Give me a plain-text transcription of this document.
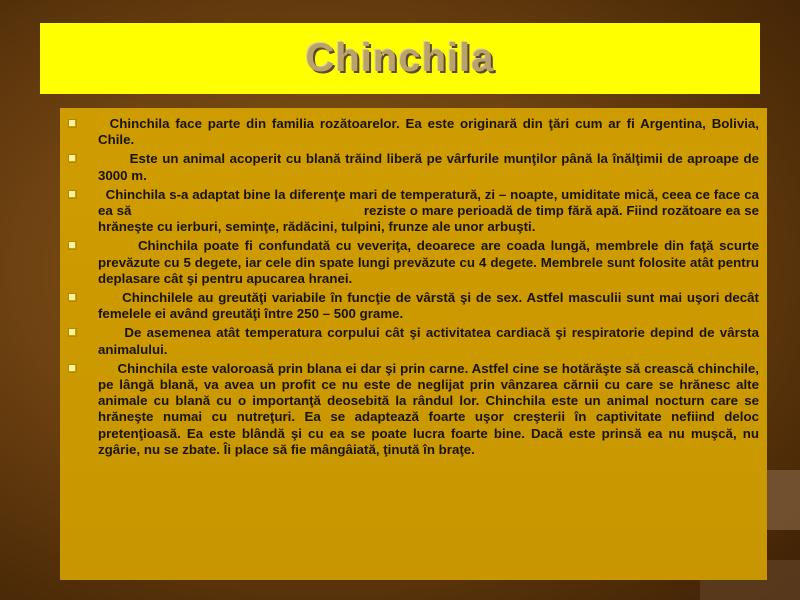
Chinchila
Chinchila face parte din familia rozătoarelor. Ea este originară din ţări cum ar fi Argentina, Bolivia, Chile.
Este un animal acoperit cu blană trăind liberă pe vârfurile munţilor până la înălţimii de aproape de 3000 m.
Chinchila s-a adaptat bine la diferenţe mari de temperatură, zi – noapte, umiditate mică, ceea ce face ca ea să                                                             reziste o mare perioadă de timp fără apă. Fiind rozătoare ea se hrăneşte cu ierburi, seminţe, rădăcini, tulpini, frunze ale unor arbuşti.
Chinchila poate fi confundată cu veveriţa, deoarece are coada lungă, membrele din faţă scurte prevăzute cu 5 degete, iar cele din spate lungi prevăzute cu 4 degete. Membrele sunt folosite atât pentru deplasare cât şi pentru apucarea hranei.
Chinchilele au greutăţi variabile în funcţie de vârstă şi de sex. Astfel masculii sunt mai uşori decât femelele ei având greutăţi între 250 – 500 grame.
De asemenea atât temperatura corpului cât şi activitatea cardiacă şi respiratorie depind de vârsta animalului.
Chinchila este valoroasă prin blana ei dar şi prin carne. Astfel cine se hotărăşte să crească chinchile, pe lângă blană, va avea un profit ce nu este de neglijat prin vânzarea cărnii cu care se hrănesc alte animale cu blană cu o importanţă deosebită la rândul lor. Chinchila este un animal nocturn care se hrăneşte numai cu nutreţuri. Ea se adaptează foarte uşor creşterii în captivitate nefiind deloc pretenţioasă. Ea este blândă şi cu ea se poate lucra foarte bine. Dacă este prinsă ea nu muşcă, nu zgârie, nu se zbate. Îi place să fie mângâiată, ţinută în braţe.
